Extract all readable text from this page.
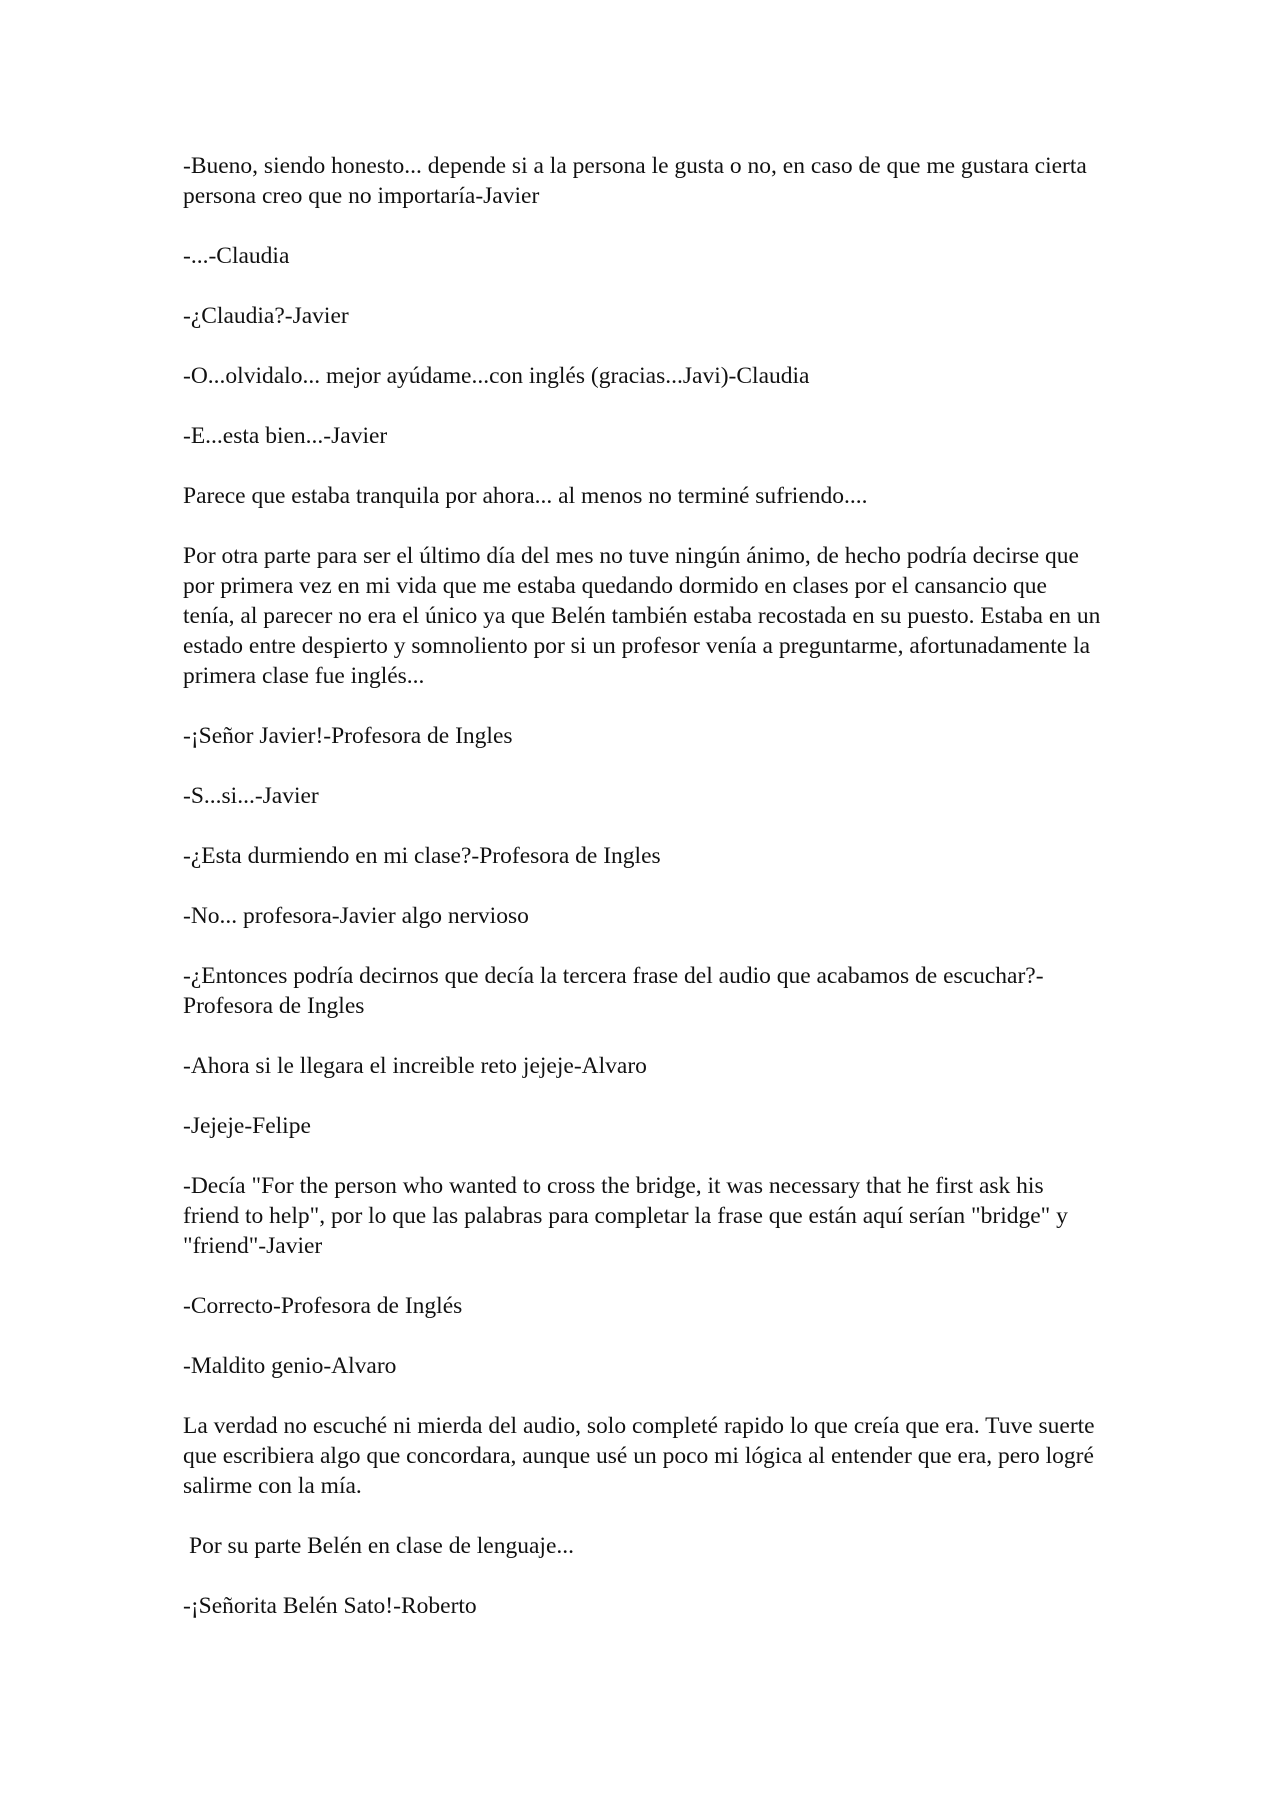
-Bueno, siendo honesto... depende si a la persona le gusta o no, en caso de que me gustara cierta persona creo que no importaría-Javier

-...-Claudia

-¿Claudia?-Javier

-O...olvidalo... mejor ayúdame...con inglés (gracias...Javi)-Claudia

-E...esta bien...-Javier

Parece que estaba tranquila por ahora... al menos no terminé sufriendo....

Por otra parte para ser el último día del mes no tuve ningún ánimo, de hecho podría decirse que por primera vez en mi vida que me estaba quedando dormido en clases por el cansancio que tenía, al parecer no era el único ya que Belén también estaba recostada en su puesto. Estaba en un estado entre despierto y somnoliento por si un profesor venía a preguntarme, afortunadamente la primera clase fue inglés...

-¡Señor Javier!-Profesora de Ingles

-S...si...-Javier

-¿Esta durmiendo en mi clase?-Profesora de Ingles

-No... profesora-Javier algo nervioso

-¿Entonces podría decirnos que decía la tercera frase del audio que acabamos de escuchar?-Profesora de Ingles

-Ahora si le llegara el increible reto jejeje-Alvaro

-Jejeje-Felipe

-Decía "For the person who wanted to cross the bridge, it was necessary that he first ask his friend to help", por lo que las palabras para completar la frase que están aquí serían "bridge" y "friend"-Javier

-Correcto-Profesora de Inglés

-Maldito genio-Alvaro

La verdad no escuché ni mierda del audio, solo completé rapido lo que creía que era. Tuve suerte que escribiera algo que concordara, aunque usé un poco mi lógica al entender que era, pero logré salirme con la mía.

Por su parte Belén en clase de lenguaje...

-¡Señorita Belén Sato!-Roberto
